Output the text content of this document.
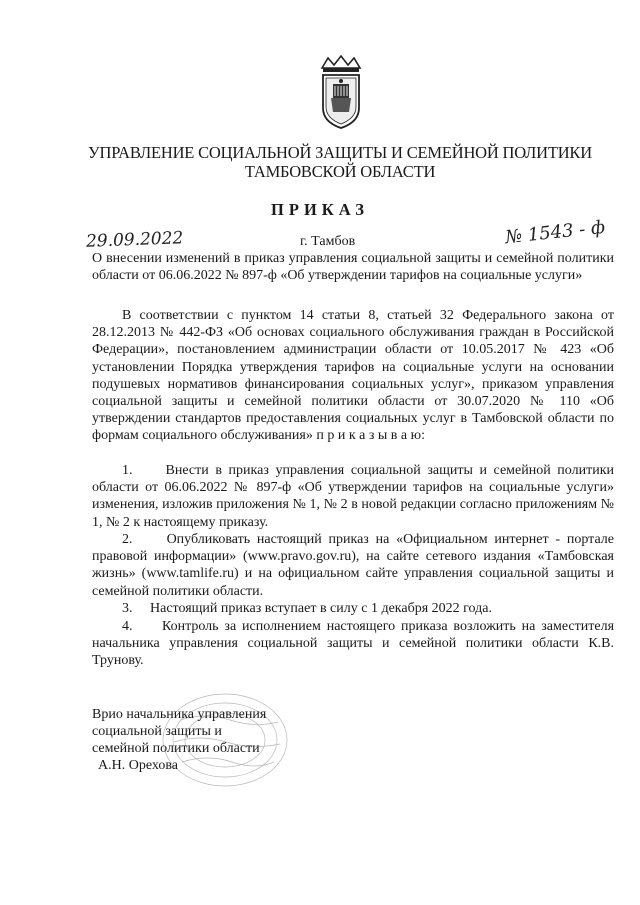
УПРАВЛЕНИЕ СОЦИАЛЬНОЙ ЗАЩИТЫ И СЕМЕЙНОЙ ПОЛИТИКИ
ТАМБОВСКОЙ ОБЛАСТИ
ПРИКАЗ
29.09.2022	г. Тамбов	№ 1543 - ф

О внесении изменений в приказ управления социальной защиты и семейной политики области от 06.06.2022 № 897-ф «Об утверждении тарифов на социальные услуги»

В соответствии с пунктом 14 статьи 8, статьей 32 Федерального закона от 28.12.2013 № 442-ФЗ «Об основах социального обслуживания граждан в Российской Федерации», постановлением администрации области от 10.05.2017 № 423 «Об установлении Порядка утверждения тарифов на социальные услуги на основании подушевых нормативов финансирования социальных услуг», приказом управления социальной защиты и семейной политики области от 30.07.2020 № 110 «Об утверждении стандартов предоставления социальных услуг в Тамбовской области по формам социального обслуживания» п р и к а з ы в а ю:

1. Внести в приказ управления социальной защиты и семейной политики области от 06.06.2022 № 897-ф «Об утверждении тарифов на социальные услуги» изменения, изложив приложения № 1, № 2 в новой редакции согласно приложениям № 1, № 2 к настоящему приказу.

2. Опубликовать настоящий приказ на «Официальном интернет - портале правовой информации» (www.pravo.gov.ru), на сайте сетевого издания «Тамбовская жизнь» (www.tamlife.ru) и на официальном сайте управления социальной защиты и семейной политики области.

3. Настоящий приказ вступает в силу с 1 декабря 2022 года.

4. Контроль за исполнением настоящего приказа возложить на заместителя начальника управления социальной защиты и семейной политики области К.В. Трунову.

Врио начальника управления
социальной защиты и
семейной политики области
А.Н. Орехова
